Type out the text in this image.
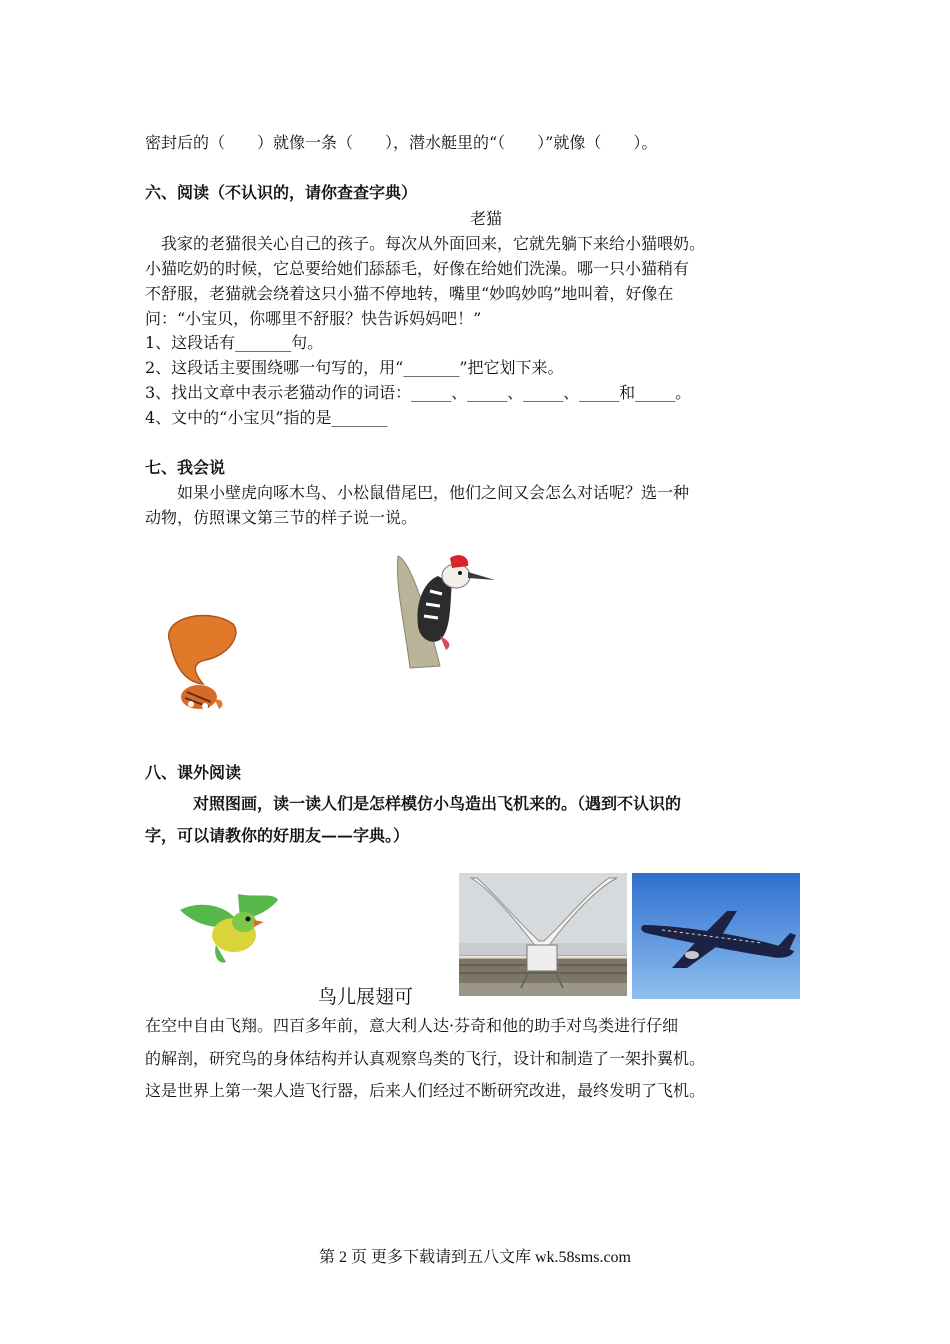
密封后的（　　）就像一条（　　），潜水艇里的“（　　）”就像（　　）。
六、阅读（不认识的，请你查查字典）
老猫
　我家的老猫很关心自己的孩子。每次从外面回来，它就先躺下来给小猫喂奶。
小猫吃奶的时候，它总要给她们舔舔毛，好像在给她们洗澡。哪一只小猫稍有
不舒服，老猫就会绕着这只小猫不停地转，嘴里“妙呜妙呜”地叫着，好像在
问：“小宝贝，你哪里不舒服？快告诉妈妈吧！”
1、这段话有_______句。
2、这段话主要围绕哪一句写的，用“_______”把它划下来。
3、找出文章中表示老猫动作的词语：_____、_____、_____、_____和_____。
4、文中的“小宝贝”指的是_______
七、我会说
　　如果小壁虎向啄木鸟、小松鼠借尾巴，他们之间又会怎么对话呢？选一种
动物，仿照课文第三节的样子说一说。
八、课外阅读
　　　对照图画，读一读人们是怎样模仿小鸟造出飞机来的。（遇到不认识的
字，可以请教你的好朋友——字典。）
鸟儿展翅可
在空中自由飞翔。四百多年前，意大利人达·芬奇和他的助手对鸟类进行仔细
的解剖，研究鸟的身体结构并认真观察鸟类的飞行，设计和制造了一架扑翼机。
这是世界上第一架人造飞行器，后来人们经过不断研究改进，最终发明了飞机。
第 2 页 更多下载请到五八文库 wk.58sms.com
